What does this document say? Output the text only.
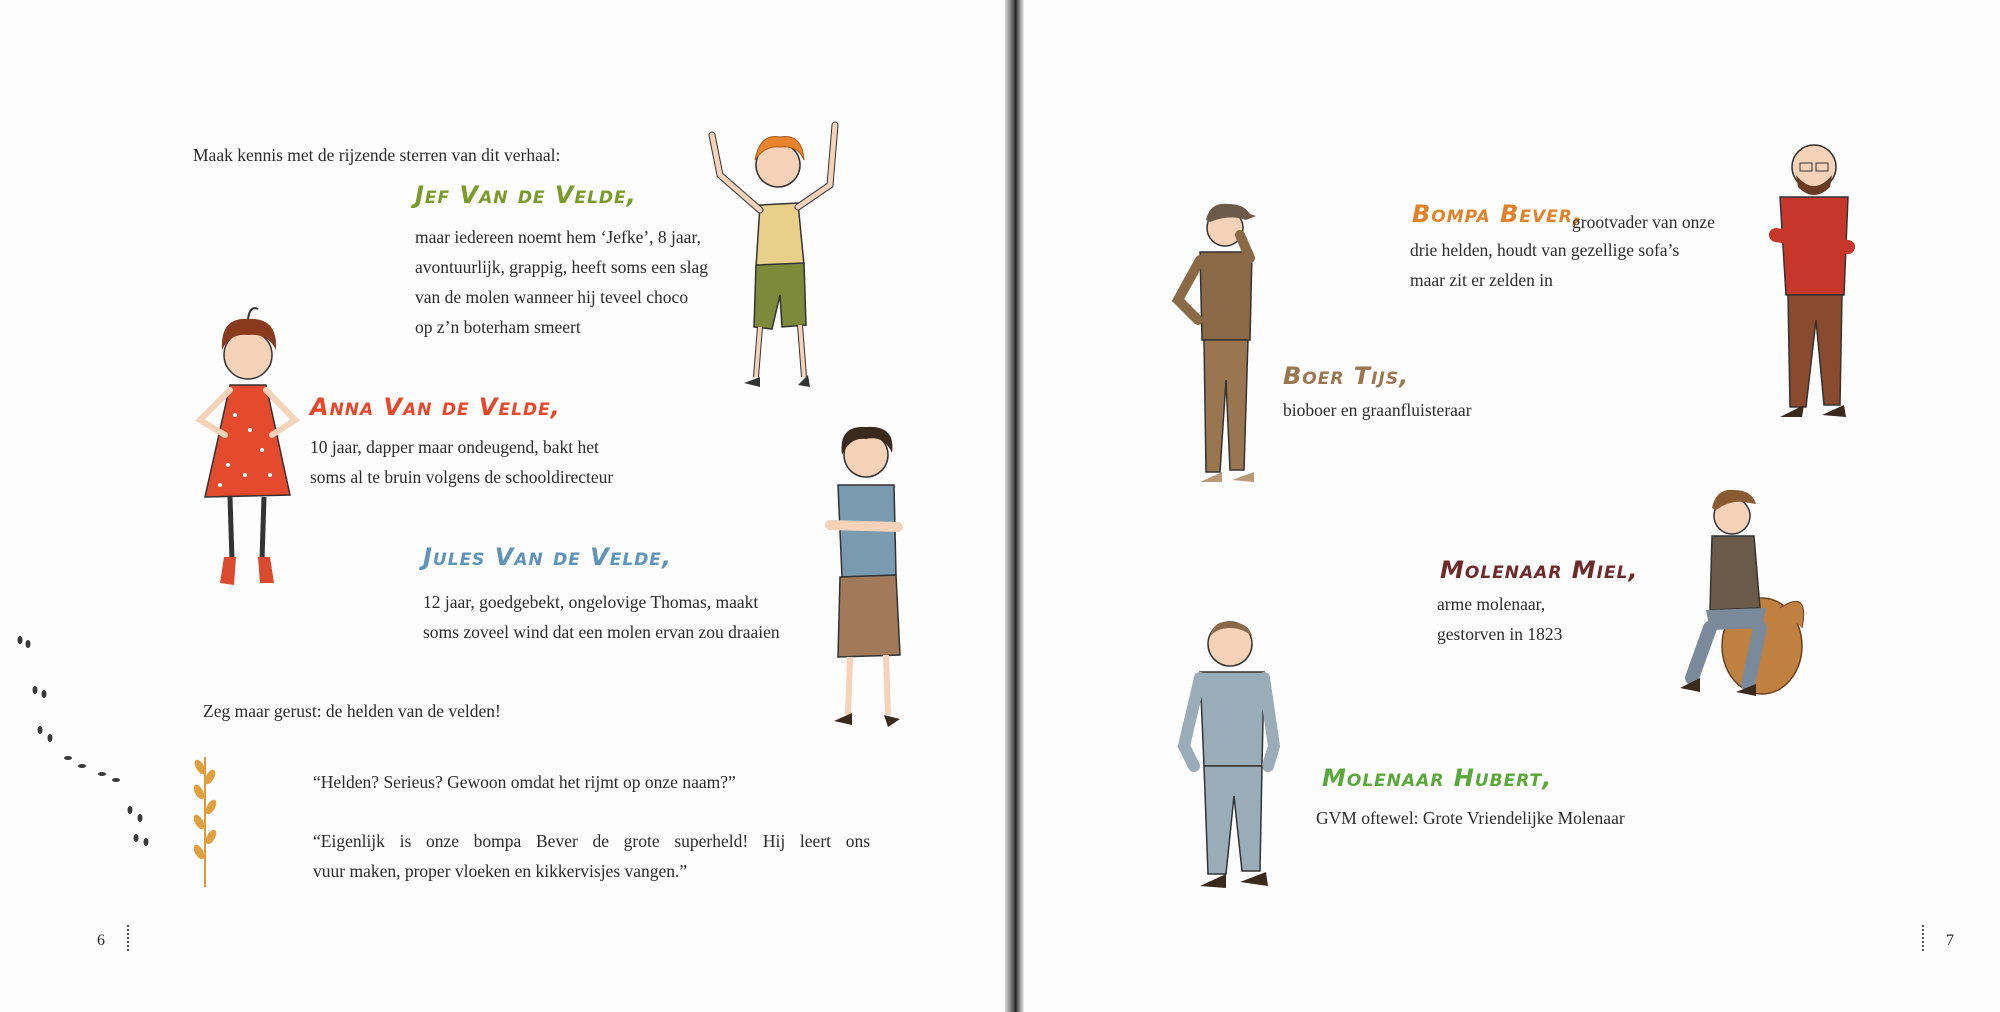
Maak kennis met de rijzende sterren van dit verhaal:
Jef Van de Velde,
maar iedereen noemt hem ‘Jefke’, 8 jaar,
avontuurlijk, grappig, heeft soms een slag
van de molen wanneer hij teveel choco
op z’n boterham smeert
Anna Van de Velde,
10 jaar, dapper maar ondeugend, bakt het
soms al te bruin volgens de schooldirecteur
Jules Van de Velde,
12 jaar, goedgebekt, ongelovige Thomas, maakt
soms zoveel wind dat een molen ervan zou draaien
Zeg maar gerust: de helden van de velden!
“Helden? Serieus? Gewoon omdat het rijmt op onze naam?”
“Eigenlijk is onze bompa Bever de grote superheld! Hij leert ons
vuur maken, proper vloeken en kikkervisjes vangen.”
6
Bompa Bever,
grootvader van onze
drie helden, houdt van gezellige sofa’s
maar zit er zelden in
Boer Tijs,
bioboer en graanfluisteraar
Molenaar Miel,
arme molenaar,
gestorven in 1823
Molenaar Hubert,
GVM oftewel: Grote Vriendelijke Molenaar
7
